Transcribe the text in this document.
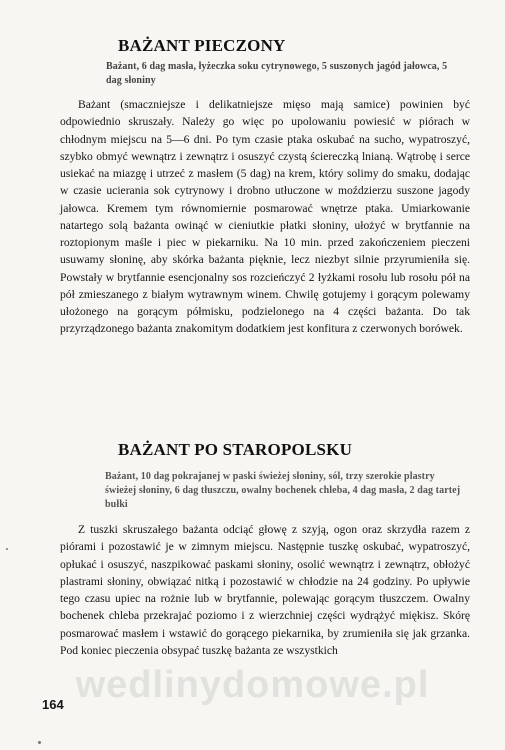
BAŻANT PIECZONY

Bażant, 6 dag masła, łyżeczka soku cytrynowego, 5 suszonych jagód jałowca, 5 dag słoniny

Bażant (smaczniejsze i delikatniejsze mięso mają samice) powinien być odpowiednio skruszały. Należy go więc po upolowaniu powiesić w piórach w chłodnym miejscu na 5—6 dni. Po tym czasie ptaka oskubać na sucho, wypatroszyć, szybko obmyć wewnątrz i zewnątrz i osuszyć czystą ściereczką lnianą. Wątrobę i serce usiekać na miazgę i utrzeć z masłem (5 dag) na krem, który solimy do smaku, dodając w czasie ucierania sok cytrynowy i drobno utłuczone w moździerzu suszone jagody jałowca. Kremem tym równomiernie posmarować wnętrze ptaka. Umiarkowanie natartego solą bażanta owinąć w cieniutkie płatki słoniny, ułożyć w brytfannie na roztopionym maśle i piec w piekarniku. Na 10 min. przed zakończeniem pieczeni usuwamy słoninę, aby skórka bażanta pięknie, lecz niezbyt silnie przyrumieniła się. Powstały w brytfannie esencjonalny sos rozcieńczyć 2 łyżkami rosołu lub rosołu pół na pół zmieszanego z białym wytrawnym winem. Chwilę gotujemy i gorącym polewamy ułożonego na gorącym półmisku, podzielonego na 4 części bażanta. Do tak przyrządzonego bażanta znakomitym dodatkiem jest konfitura z czerwonych borówek.

BAŻANT PO STAROPOLSKU

Bażant, 10 dag pokrajanej w paski świeżej słoniny, sól, trzy szerokie plastry świeżej słoniny, 6 dag tłuszczu, owalny bochenek chleba, 4 dag masła, 2 dag tartej bułki

Z tuszki skruszałego bażanta odciąć głowę z szyją, ogon oraz skrzydła razem z piórami i pozostawić je w zimnym miejscu. Następnie tuszkę oskubać, wypatroszyć, opłukać i osuszyć, naszpikować paskami słoniny, osolić wewnątrz i zewnątrz, obłożyć plastrami słoniny, obwiązać nitką i pozostawić w chłodzie na 24 godziny. Po upływie tego czasu upiec na rożnie lub w brytfannie, polewając gorącym tłuszczem. Owalny bochenek chleba przekrajać poziomo i z wierzchniej części wydrążyć miękisz. Skórę posmarować masłem i wstawić do gorącego piekarnika, by zrumieniła się jak grzanka. Pod koniec pieczenia obsypać tuszkę bażanta ze wszystkich

wedlinydomowe.pl
164
